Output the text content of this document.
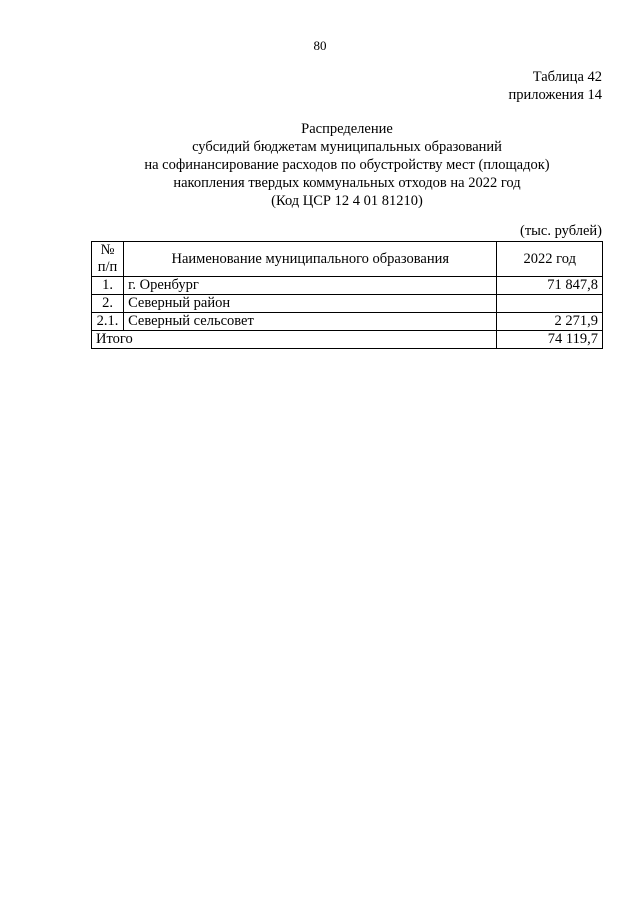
80
Таблица 42
приложения 14
Распределение
субсидий бюджетам муниципальных образований
на софинансирование расходов по обустройству мест (площадок)
накопления твердых коммунальных отходов на 2022 год
(Код ЦСР 12 4 01 81210)
(тыс. рублей)
№
п/п	Наименование муниципального образования	2022 год
1.	г. Оренбург	71 847,8
2.	Северный район	
2.1.	Северный сельсовет	2 271,9
Итого		74 119,7
